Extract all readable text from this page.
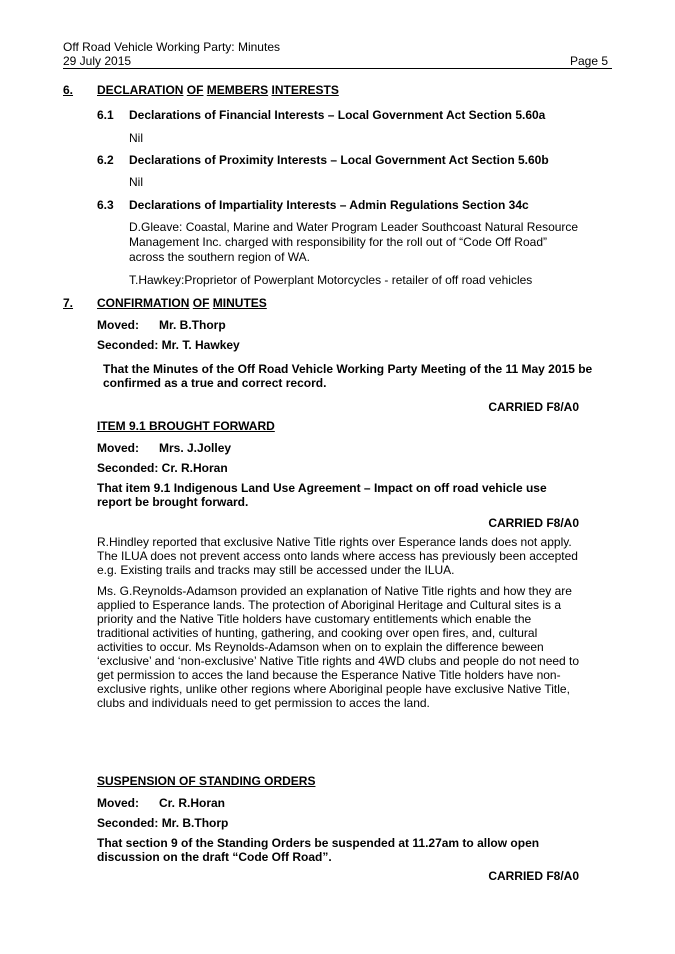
Off Road Vehicle Working Party: Minutes
29 July 2015	Page 5
6. DECLARATION OF MEMBERS INTERESTS
6.1 Declarations of Financial Interests – Local Government Act Section 5.60a
Nil
6.2 Declarations of Proximity Interests – Local Government Act Section 5.60b
Nil
6.3 Declarations of Impartiality Interests – Admin Regulations Section 34c
D.Gleave: Coastal, Marine and Water Program Leader Southcoast Natural Resource
Management Inc. charged with responsibility for the roll out of “Code Off Road”
across the southern region of WA.
T.Hawkey:Proprietor of Powerplant Motorcycles - retailer of off road vehicles
7. CONFIRMATION OF MINUTES
Moved:      Mr. B.Thorp
Seconded: Mr. T. Hawkey
That the Minutes of the Off Road Vehicle Working Party Meeting of the 11 May 2015 be
confirmed as a true and correct record.
CARRIED F8/A0
ITEM 9.1 BROUGHT FORWARD
Moved:      Mrs. J.Jolley
Seconded: Cr. R.Horan
That item 9.1 Indigenous Land Use Agreement – Impact on off road vehicle use
report be brought forward.
CARRIED F8/A0
R.Hindley reported that exclusive Native Title rights over Esperance lands does not apply.
The ILUA does not prevent access onto lands where access has previously been accepted
e.g. Existing trails and tracks may still be accessed under the ILUA.
Ms. G.Reynolds-Adamson provided an explanation of Native Title rights and how they are
applied to Esperance lands. The protection of Aboriginal Heritage and Cultural sites is a
priority and the Native Title holders have customary entitlements which enable the
traditional activities of hunting, gathering, and cooking over open fires, and, cultural
activities to occur. Ms Reynolds-Adamson when on to explain the difference beween
‘exclusive’ and ‘non-exclusive’ Native Title rights and 4WD clubs and people do not need to
get permission to acces the land because the Esperance Native Title holders have non-
exclusive rights, unlike other regions where Aboriginal people have exclusive Native Title,
clubs and individuals need to get permission to acces the land.
SUSPENSION OF STANDING ORDERS
Moved:      Cr. R.Horan
Seconded: Mr. B.Thorp
That section 9 of the Standing Orders be suspended at 11.27am to allow open
discussion on the draft “Code Off Road”.
CARRIED F8/A0
